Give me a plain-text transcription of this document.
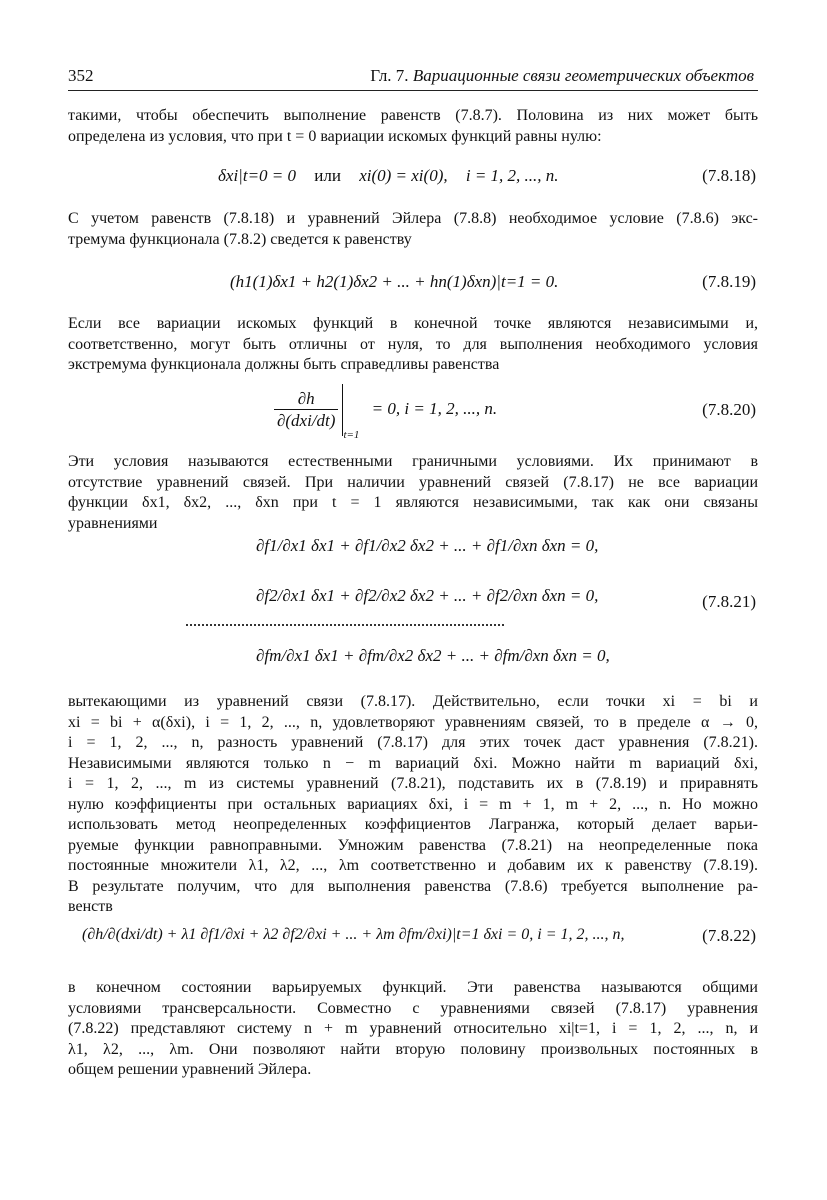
352	Гл. 7. Вариационные связи геометрических объектов

такими, чтобы обеспечить выполнение равенств (7.8.7). Половина из них может быть
определена из условия, что при t = 0 вариации искомых функций равны нулю:

δxi|t=0 = 0 или xi(0) = xi(0), i = 1, 2, ..., n.	(7.8.18)

С учетом равенств (7.8.18) и уравнений Эйлера (7.8.8) необходимое условие (7.8.6) экс-
тремума функционала (7.8.2) сведется к равенству

(h1(1)δx1 + h2(1)δx2 + ... + hn(1)δxn)|t=1 = 0.	(7.8.19)

Если все вариации искомых функций в конечной точке являются независимыми и,
соответственно, могут быть отличны от нуля, то для выполнения необходимого условия
экстремума функционала должны быть справедливы равенства

$\frac{\partial h}{\text{∂(dxi/dt)}}$
t=1 = 0, i = 1, 2, ..., n.	(7.8.20)

Эти условия называются естественными граничными условиями. Их принимают в
отсутствие уравнений связей. При наличии уравнений связей (7.8.17) не все вариации
функции δx1, δx2, ..., δxn при t = 1 являются независимыми, так как они связаны
уравнениями

∂f1/∂x1 δx1 + ∂f1/∂x2 δx2 + ... + ∂f1/∂xn δxn = 0,
∂f2/∂x1 δx1 + ∂f2/∂x2 δx2 + ... + ∂f2/∂xn δxn = 0,
∂fm/∂x1 δx1 + ∂fm/∂x2 δx2 + ... + ∂fm/∂xn δxn = 0,
(7.8.21)

вытекающими из уравнений связи (7.8.17). Действительно, если точки xi = bi и
xi = bi + α(δxi), i = 1, 2, ..., n, удовлетворяют уравнениям связей, то в пределе α → 0,
i = 1, 2, ..., n, разность уравнений (7.8.17) для этих точек даст уравнения (7.8.21).
Независимыми являются только n − m вариаций δxi. Можно найти m вариаций δxi,
i = 1, 2, ..., m из системы уравнений (7.8.21), подставить их в (7.8.19) и приравнять
нулю коэффициенты при остальных вариациях δxi, i = m + 1, m + 2, ..., n. Но можно
использовать метод неопределенных коэффициентов Лагранжа, который делает варьи-
руемые функции равноправными. Умножим равенства (7.8.21) на неопределенные пока
постоянные множители λ1, λ2, ..., λm соответственно и добавим их к равенству (7.8.19).
В результате получим, что для выполнения равенства (7.8.6) требуется выполнение ра-
венств

(∂h/∂(dxi/dt) + λ1 ∂f1/∂xi + λ2 ∂f2/∂xi + ... + λm ∂fm/∂xi)|t=1 δxi = 0, i = 1, 2, ..., n,	(7.8.22)

в конечном состоянии варьируемых функций. Эти равенства называются общими
условиями трансверсальности. Совместно с уравнениями связей (7.8.17) уравнения
(7.8.22) представляют систему n + m уравнений относительно xi|t=1, i = 1, 2, ..., n, и
λ1, λ2, ..., λm. Они позволяют найти вторую половину произвольных постоянных в
общем решении уравнений Эйлера.
